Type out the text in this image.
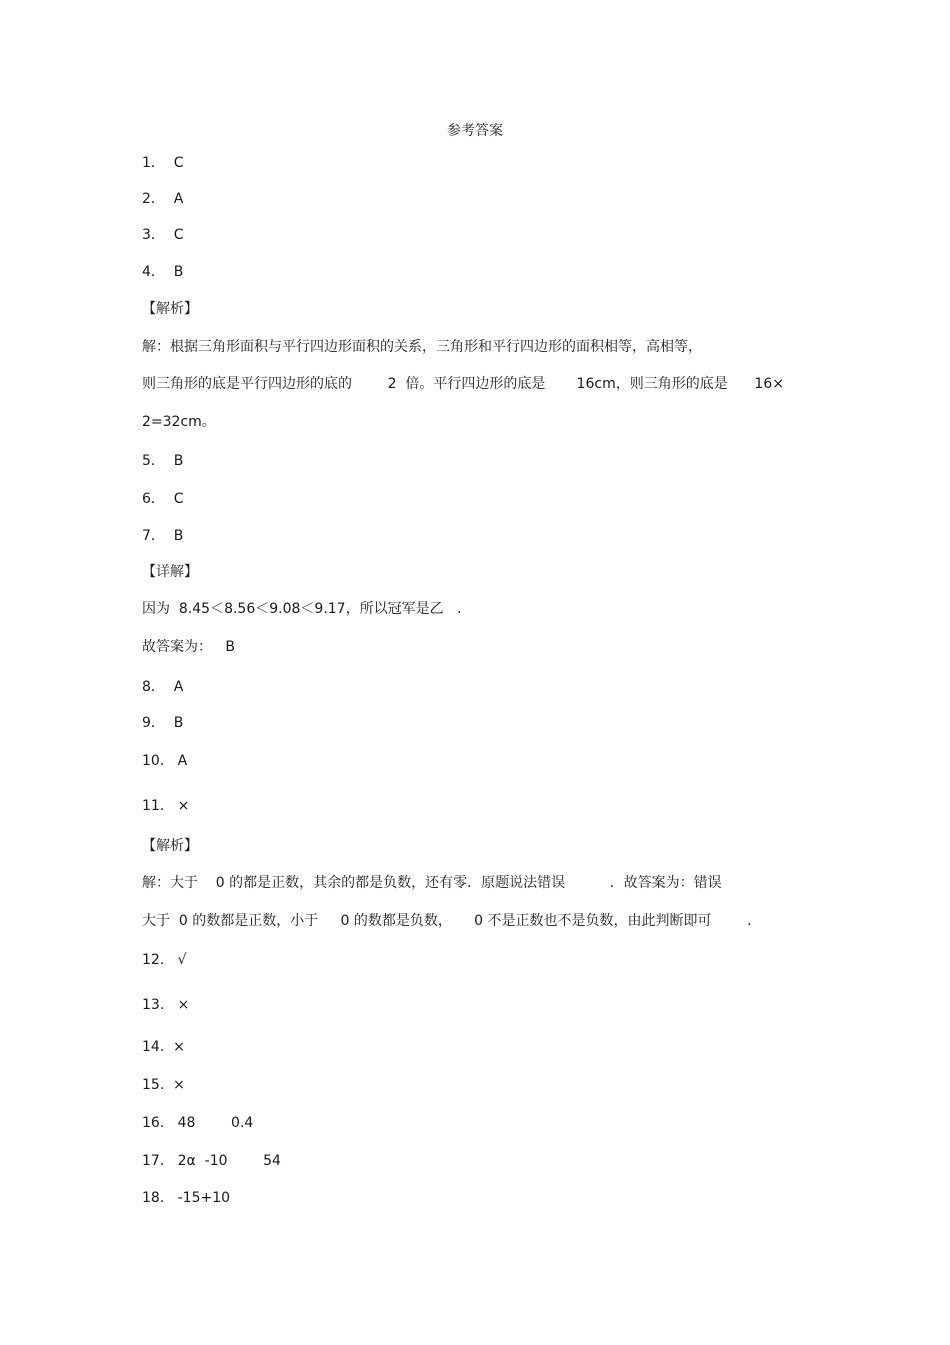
参考答案
1．  C
2．  A
3．  C
4．  B
【解析】
解：根据三角形面积与平行四边形面积的关系，三角形和平行四边形的面积相等，高相等，
则三角形的底是平行四边形的底的        2  倍。平行四边形的底是       16cm，则三角形的底是      16×
2=32cm。
5．  B
6．  C
7．  B
【详解】
因为  8.45＜8.56＜9.08＜9.17，所以冠军是乙   .
故答案为：   B
8．  A
9．  B
10.   A
11.   ×
【解析】
解：大于    0 的都是正数，其余的都是负数，还有零．原题说法错误          ．故答案为：错误
大于  0 的数都是正数，小于     0 的数都是负数，     0 不是正数也不是负数，由此判断即可        .
12.   √
13.   ×
14.  ×
15.  ×
16.   48        0.4
17.   2α  -10        54
18.   -15+10
